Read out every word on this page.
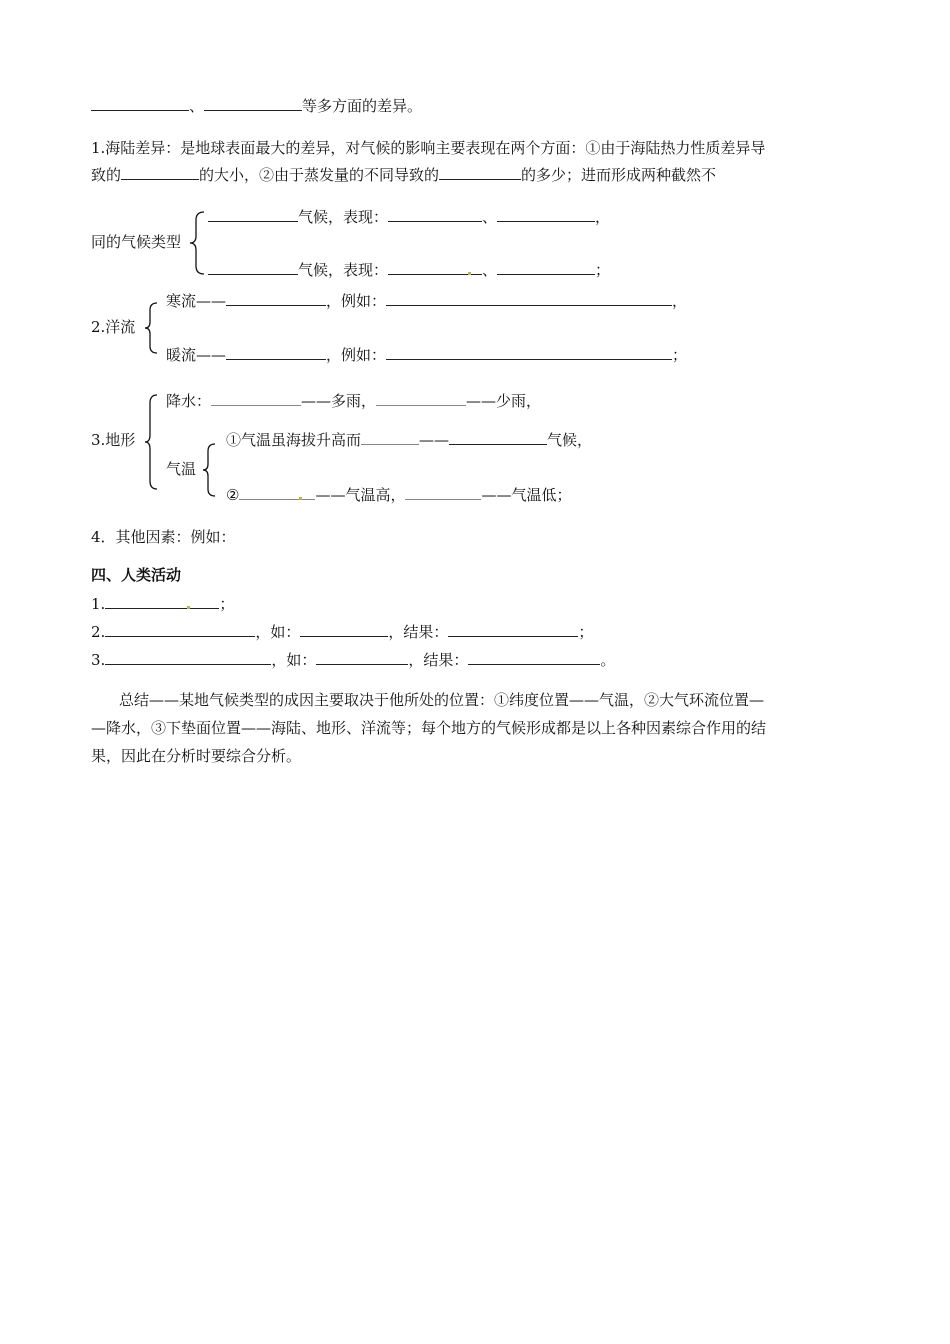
、	等多方面的差异。
1.海陆差异：是地球表面最大的差异，对气候的影响主要表现在两个方面：①由于海陆热力性质差异导
致的	的大小，②由于蒸发量的不同导致的	的多少；进而形成两种截然不
同的气候类型
气候，表现：	、	，
气候，表现：	、	；
2.洋流
寒流——	，例如：	，
暖流——	，例如：	；
3.地形
降水：	——多雨，	——少雨，
气温
①气温虽海拔升高而	——	气候，
②	——气温高，	——气温低；
4．其他因素：例如：
四、人类活动
1.	；
2.	，如：	，结果：	；
3.	，如：	，结果：	。
总结——某地气候类型的成因主要取决于他所处的位置：①纬度位置——气温，②大气环流位置—
—降水，③下垫面位置——海陆、地形、洋流等；每个地方的气候形成都是以上各种因素综合作用的结
果，因此在分析时要综合分析。
